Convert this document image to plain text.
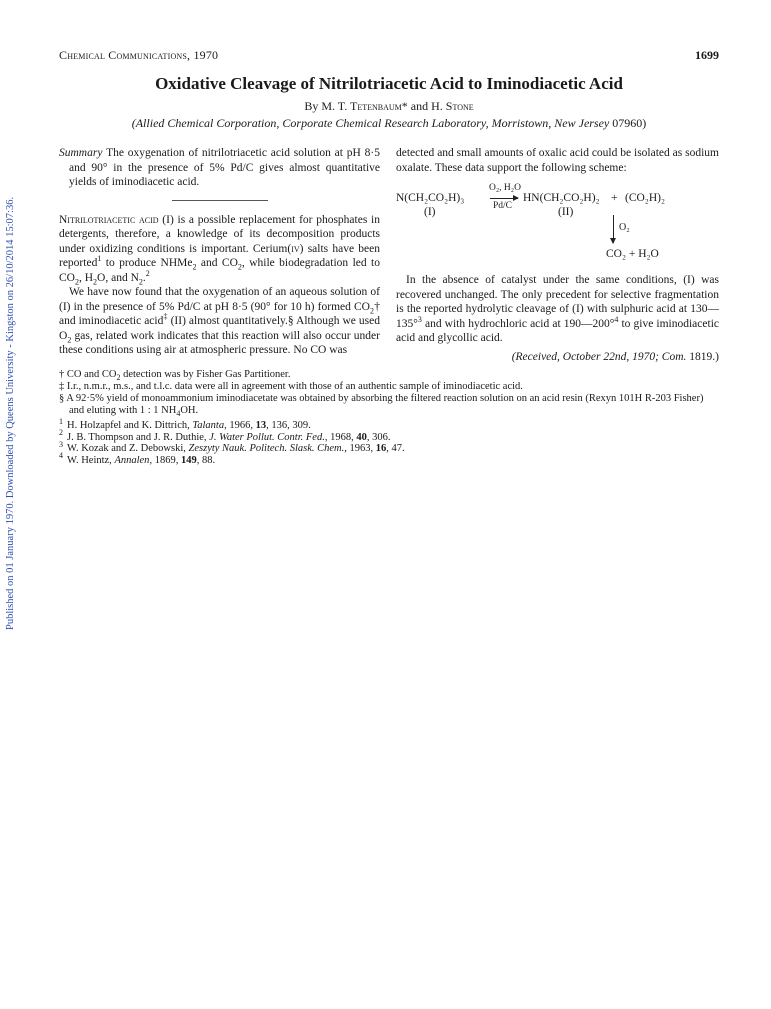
Published on 01 January 1970. Downloaded by Queens University - Kingston on 26/10/2014 15:07:36.
Chemical Communications, 1970	1699
Oxidative Cleavage of Nitrilotriacetic Acid to Iminodiacetic Acid
By M. T. Tetenbaum* and H. Stone
(Allied Chemical Corporation, Corporate Chemical Research Laboratory, Morristown, New Jersey 07960)

Summary The oxygenation of nitrilotriacetic acid solution at pH 8·5 and 90° in the presence of 5% Pd/C gives almost quantitative yields of iminodiacetic acid.

Nitrilotriacetic acid (I) is a possible replacement for phosphates in detergents, therefore, a knowledge of its decomposition products under oxidizing conditions is important. Cerium(iv) salts have been reported$^1$ to produce NHMe$_2$ and $CO_2$, while biodegradation led to $CO_2$, $H_2O$, and $N_2.^2$

We have now found that the oxygenation of an aqueous solution of (I) in the presence of 5% Pd/C at pH 8·5 (90° for 10 h) formed $CO_2\dagger$ and iminodiacetic acid‡ (II) almost quantitatively.§ Although we used $O_2$ gas, related work indicates that this reaction will also occur under these conditions using air at atmospheric pressure. No CO was

detected and small amounts of oxalic acid could be isolated as sodium oxalate. These data support the following scheme:

N(CH₂CO₂H)₃
(I)
O₂, H₂O
Pd/C
HN(CH₂CO₂H)₂
(II)
+ (CO₂H)₂
O₂
CO₂ + H₂O

In the absence of catalyst under the same conditions, (I) was recovered unchanged. The only precedent for selective fragmentation is the reported hydrolytic cleavage of (I) with sulphuric acid at 130—135°$^3$ and with hydrochloric acid at 190—200°$^4$ to give iminodiacetic acid and glycollic acid.

(Received, October 22nd, 1970; Com. 1819.)

† CO and $CO_2$ detection was by Fisher Gas Partitioner.

‡ I.r., n.m.r., m.s., and t.l.c. data were all in agreement with those of an authentic sample of iminodiacetic acid.

§ A 92·5% yield of monoammonium iminodiacetate was obtained by absorbing the filtered reaction solution on an acid resin (Rexyn 101H R-203 Fisher) and eluting with 1 : 1 $NH_4OH$.

1 H. Holzapfel and K. Dittrich, Talanta, 1966, 13, 136, 309.

2 J. B. Thompson and J. R. Duthie, J. Water Pollut. Contr. Fed., 1968, 40, 306.

3 W. Kozak and Z. Debowski, Zeszyty Nauk. Politech. Slask. Chem., 1963, 16, 47.

4 W. Heintz, Annalen, 1869, 149, 88.
